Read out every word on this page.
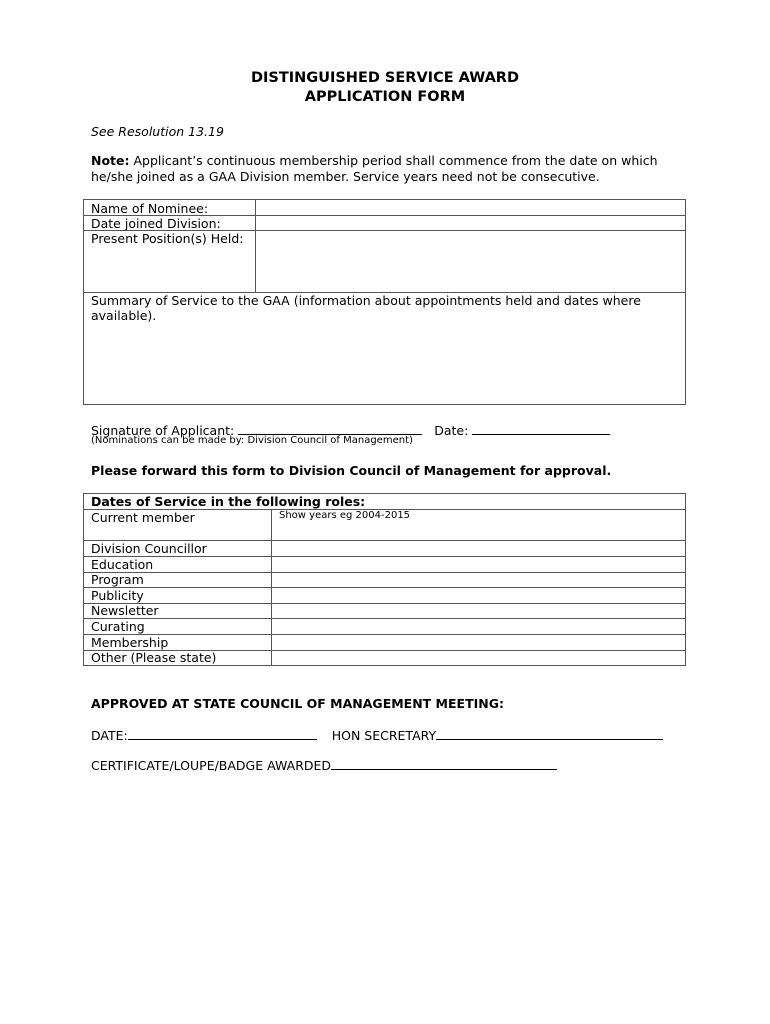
DISTINGUISHED SERVICE AWARD
APPLICATION FORM
See Resolution 13.19
Note: Applicant’s continuous membership period shall commence from the date on which he/she joined as a GAA Division member. Service years need not be consecutive.
Name of Nominee:
Date joined Division:
Present Position(s) Held:
Summary of Service to the GAA (information about appointments held and dates where available).
Signature of Applicant:	Date:
(Nominations can be made by: Division Council of Management)
Please forward this form to Division Council of Management for approval.
Dates of Service in the following roles:
Current member	Show years eg 2004-2015
Division Councillor
Education
Program
Publicity
Newsletter
Curating
Membership
Other (Please state)
APPROVED AT STATE COUNCIL OF MANAGEMENT MEETING:
DATE:	HON SECRETARY
CERTIFICATE/LOUPE/BADGE AWARDED
